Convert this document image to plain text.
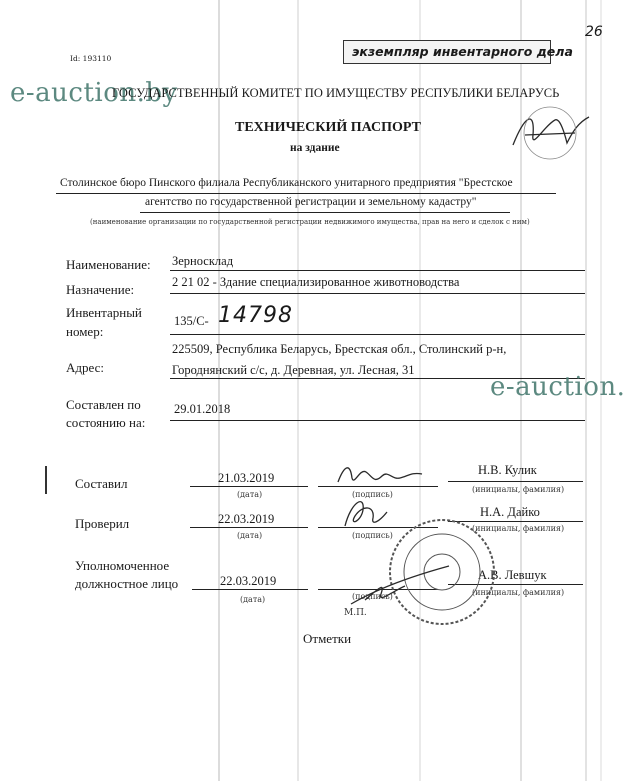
26
экземпляр инвентарного дела
Id: 193110
e-auction.by
ГОСУДАРСТВЕННЫЙ КОМИТЕТ ПО ИМУЩЕСТВУ РЕСПУБЛИКИ БЕЛАРУСЬ
ТЕХНИЧЕСКИЙ ПАСПОРТ
на здание
Столинское бюро Пинского филиала Республиканского унитарного предприятия "Брестское
агентство по государственной регистрации и земельному кадастру"
(наименование организации по государственной регистрации недвижимого имущества, прав на него и сделок с ним)
Наименование: Зерносклад
Назначение:	2 21 02 - Здание специализированное животноводства
Инвентарный
номер:
135/С- 14798
225509, Республика Беларусь, Брестская обл., Столинский р-н,
Адрес:	Городнянский с/с, д. Деревная, ул. Лесная, 31
e-auction.
Составлен по
состоянию на:
29.01.2018
Составил	21.03.2019
(дата)	(подпись)
Н.В. Кулик
(инициалы, фамилия)
Проверил	22.03.2019
(дата)	(подпись)
Н.А. Дайко
(инициалы, фамилия)
Уполномоченное
должностное лицо	22.03.2019
(дата)	(подпись)
М.П.
А.В. Левшук
(инициалы, фамилия)
Отметки
